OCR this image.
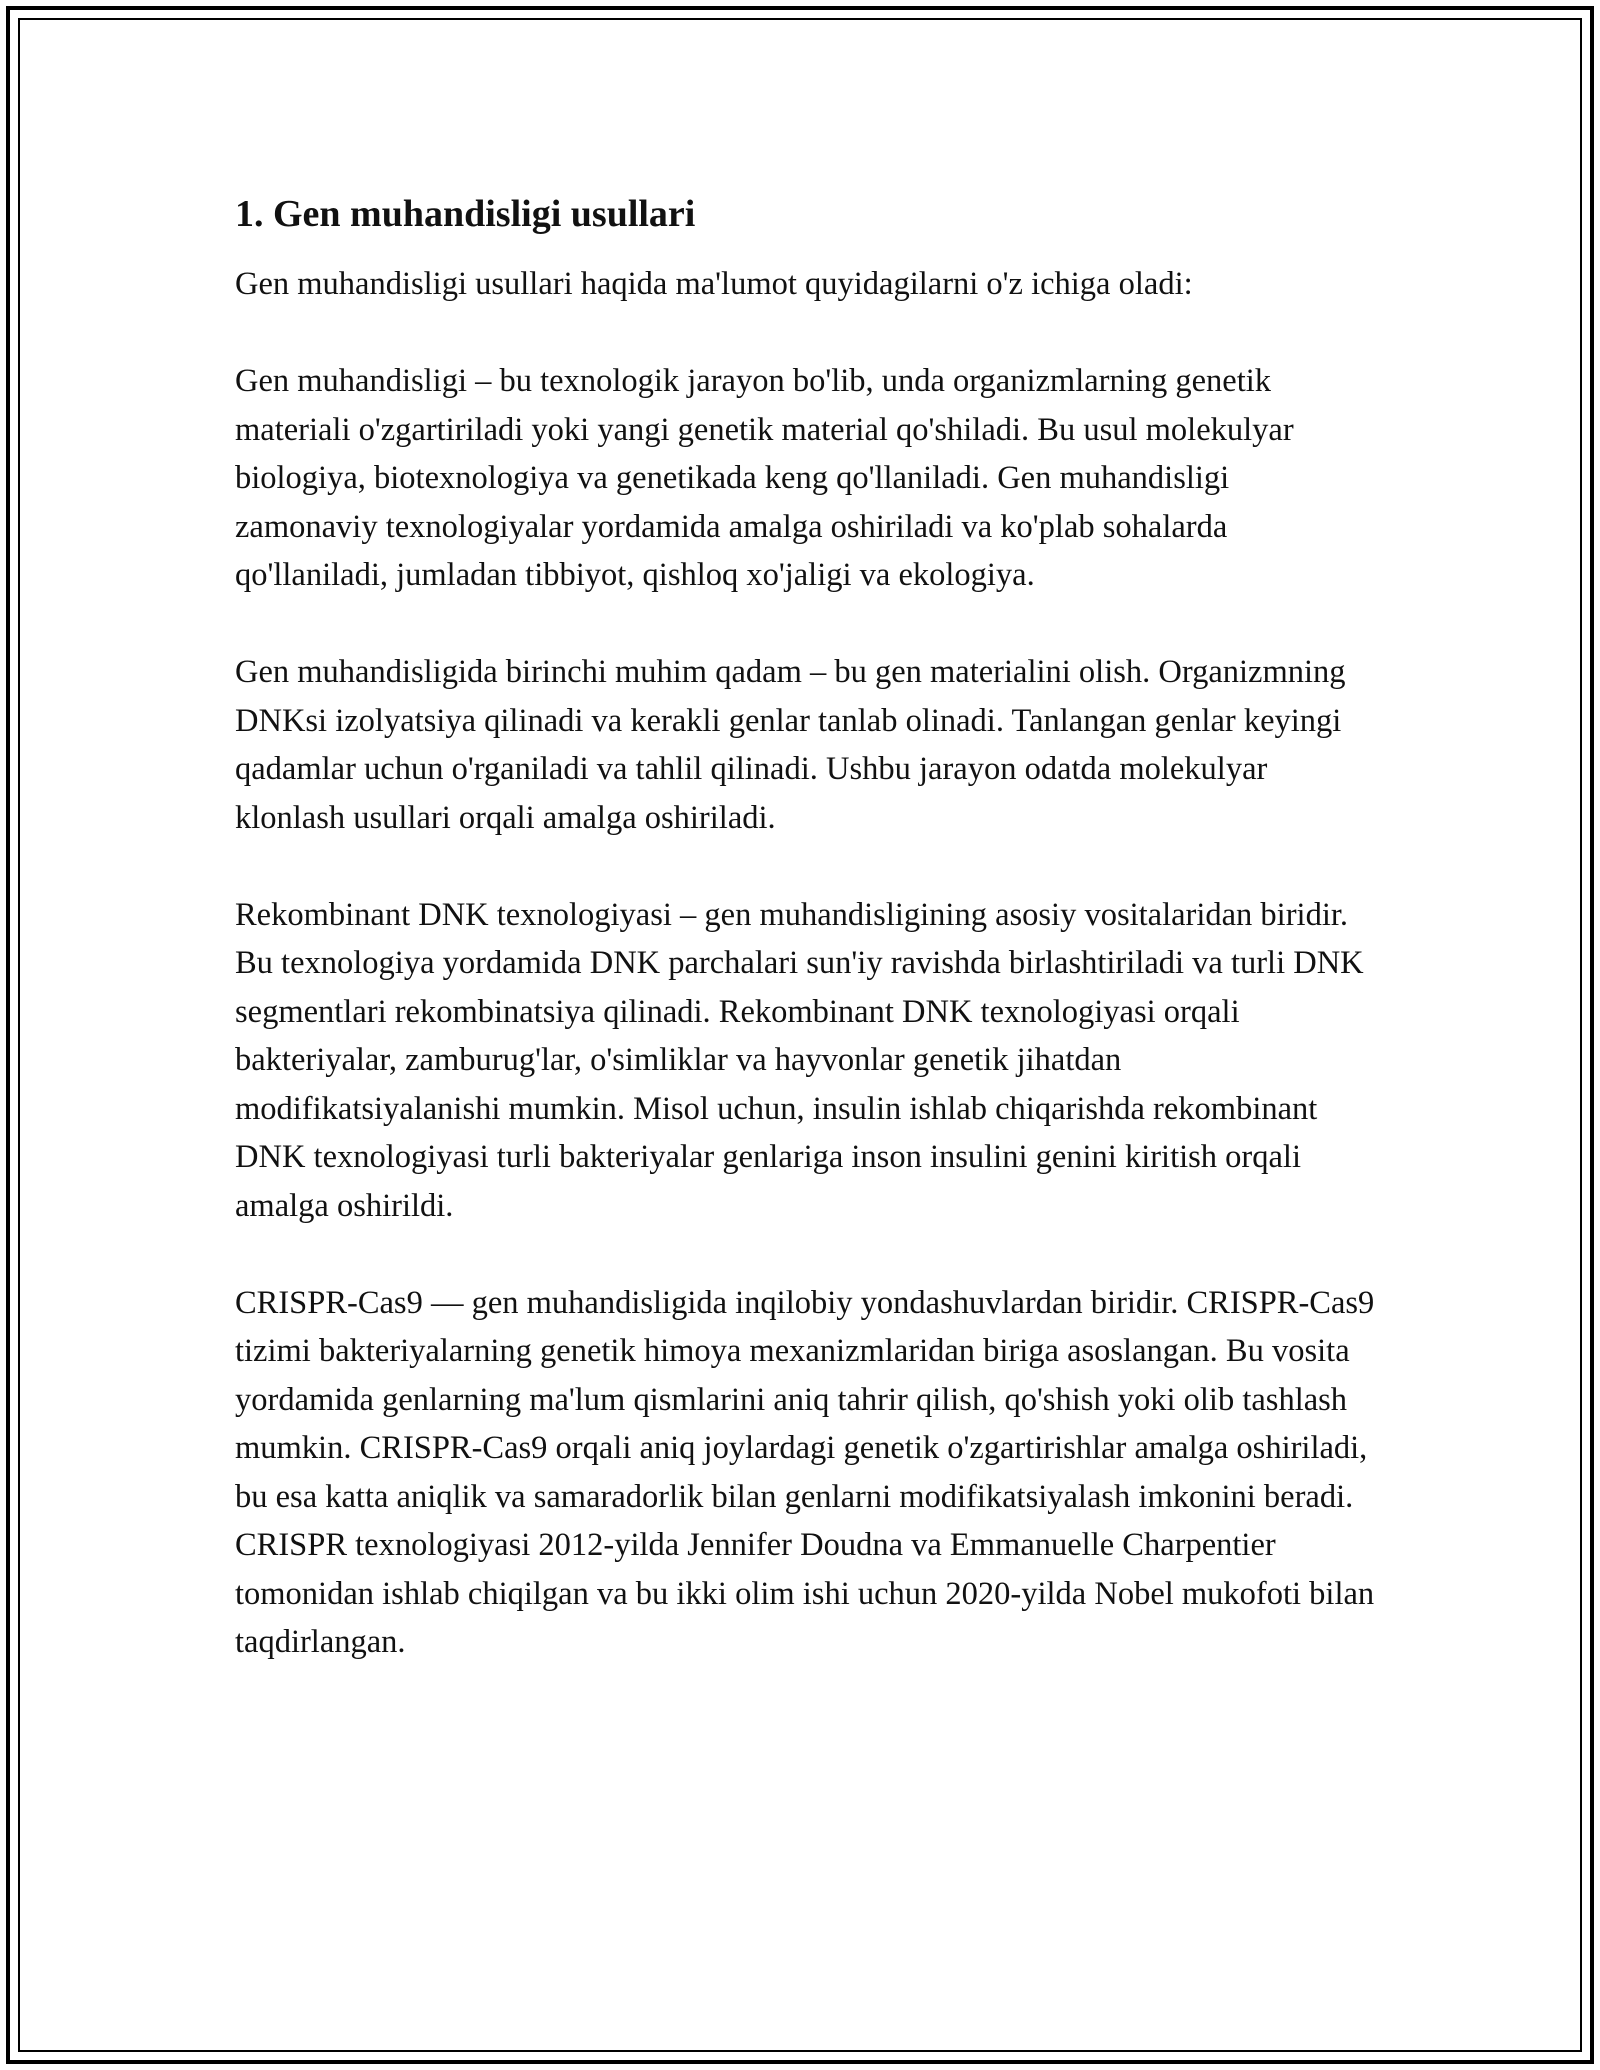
1. Gen muhandisligi usullari

Gen muhandisligi usullari haqida ma'lumot quyidagilarni o'z ichiga oladi:

Gen muhandisligi – bu texnologik jarayon bo'lib, unda organizmlarning genetik materiali o'zgartiriladi yoki yangi genetik material qo'shiladi. Bu usul molekulyar biologiya, biotexnologiya va genetikada keng qo'llaniladi. Gen muhandisligi zamonaviy texnologiyalar yordamida amalga oshiriladi va ko'plab sohalarda qo'llaniladi, jumladan tibbiyot, qishloq xo'jaligi va ekologiya.

Gen muhandisligida birinchi muhim qadam – bu gen materialini olish. Organizmning DNKsi izolyatsiya qilinadi va kerakli genlar tanlab olinadi. Tanlangan genlar keyingi qadamlar uchun o'rganiladi va tahlil qilinadi. Ushbu jarayon odatda molekulyar klonlash usullari orqali amalga oshiriladi.

Rekombinant DNK texnologiyasi – gen muhandisligining asosiy vositalaridan biridir. Bu texnologiya yordamida DNK parchalari sun'iy ravishda birlashtiriladi va turli DNK segmentlari rekombinatsiya qilinadi. Rekombinant DNK texnologiyasi orqali bakteriyalar, zamburug'lar, o'simliklar va hayvonlar genetik jihatdan modifikatsiyalanishi mumkin. Misol uchun, insulin ishlab chiqarishda rekombinant DNK texnologiyasi turli bakteriyalar genlariga inson insulini genini kiritish orqali amalga oshirildi.

CRISPR-Cas9 — gen muhandisligida inqilobiy yondashuvlardan biridir. CRISPR-Cas9 tizimi bakteriyalarning genetik himoya mexanizmlaridan biriga asoslangan. Bu vosita yordamida genlarning ma'lum qismlarini aniq tahrir qilish, qo'shish yoki olib tashlash mumkin. CRISPR-Cas9 orqali aniq joylardagi genetik o'zgartirishlar amalga oshiriladi, bu esa katta aniqlik va samaradorlik bilan genlarni modifikatsiyalash imkonini beradi. CRISPR texnologiyasi 2012-yilda Jennifer Doudna va Emmanuelle Charpentier tomonidan ishlab chiqilgan va bu ikki olim ishi uchun 2020-yilda Nobel mukofoti bilan taqdirlangan.
